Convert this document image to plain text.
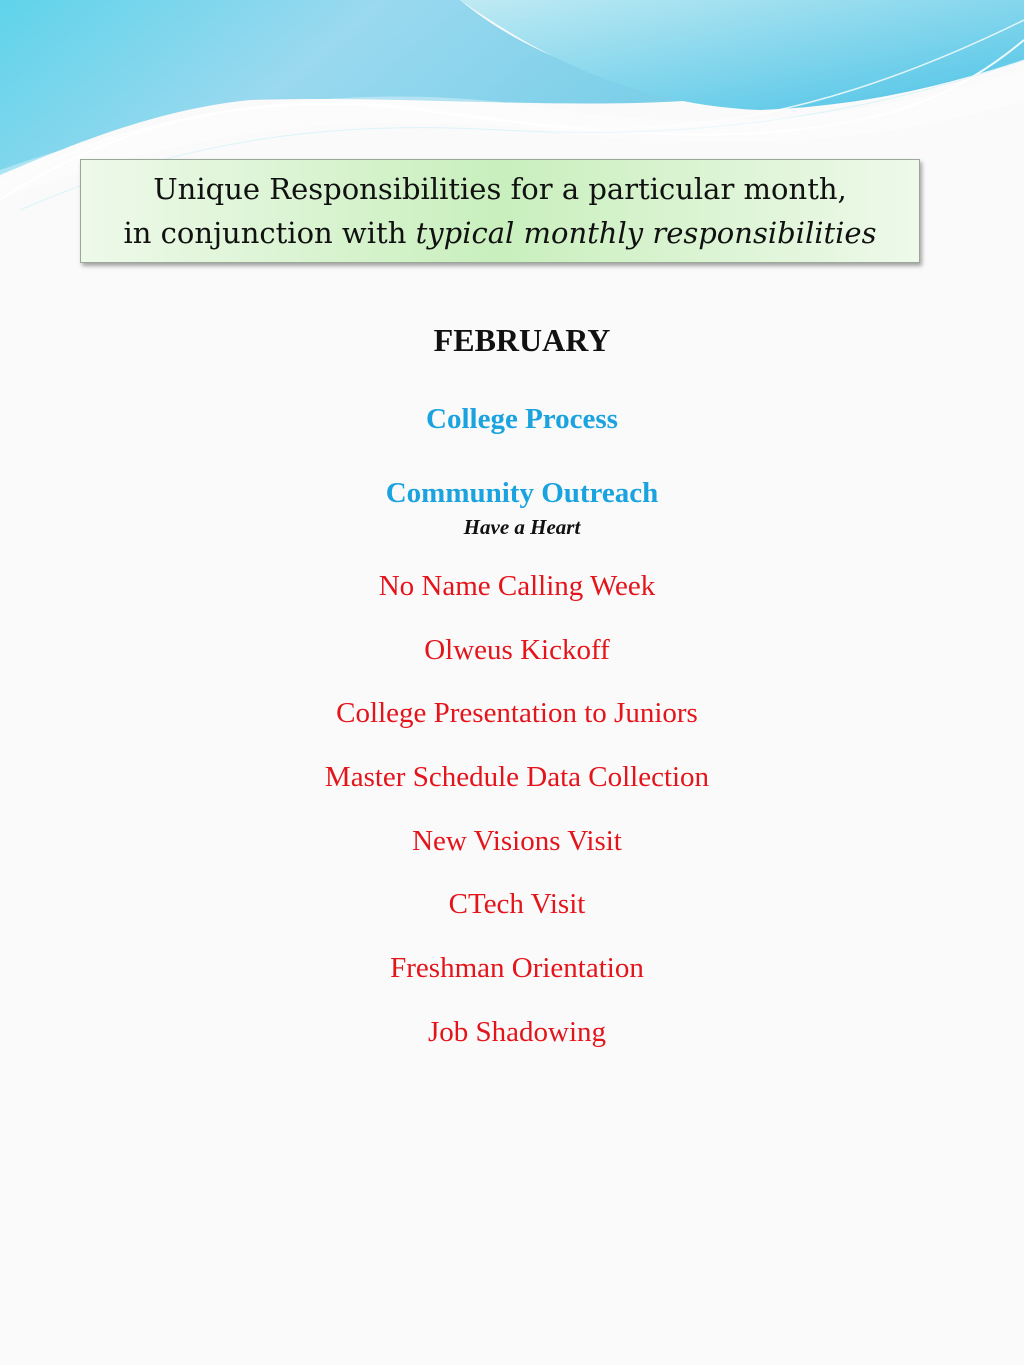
Unique Responsibilities for a particular month,
in conjunction with typical monthly responsibilities
FEBRUARY
College Process
Community Outreach
Have a Heart
No Name Calling Week
Olweus Kickoff
College Presentation to Juniors
Master Schedule Data Collection
New Visions Visit
CTech Visit
Freshman Orientation
Job Shadowing
